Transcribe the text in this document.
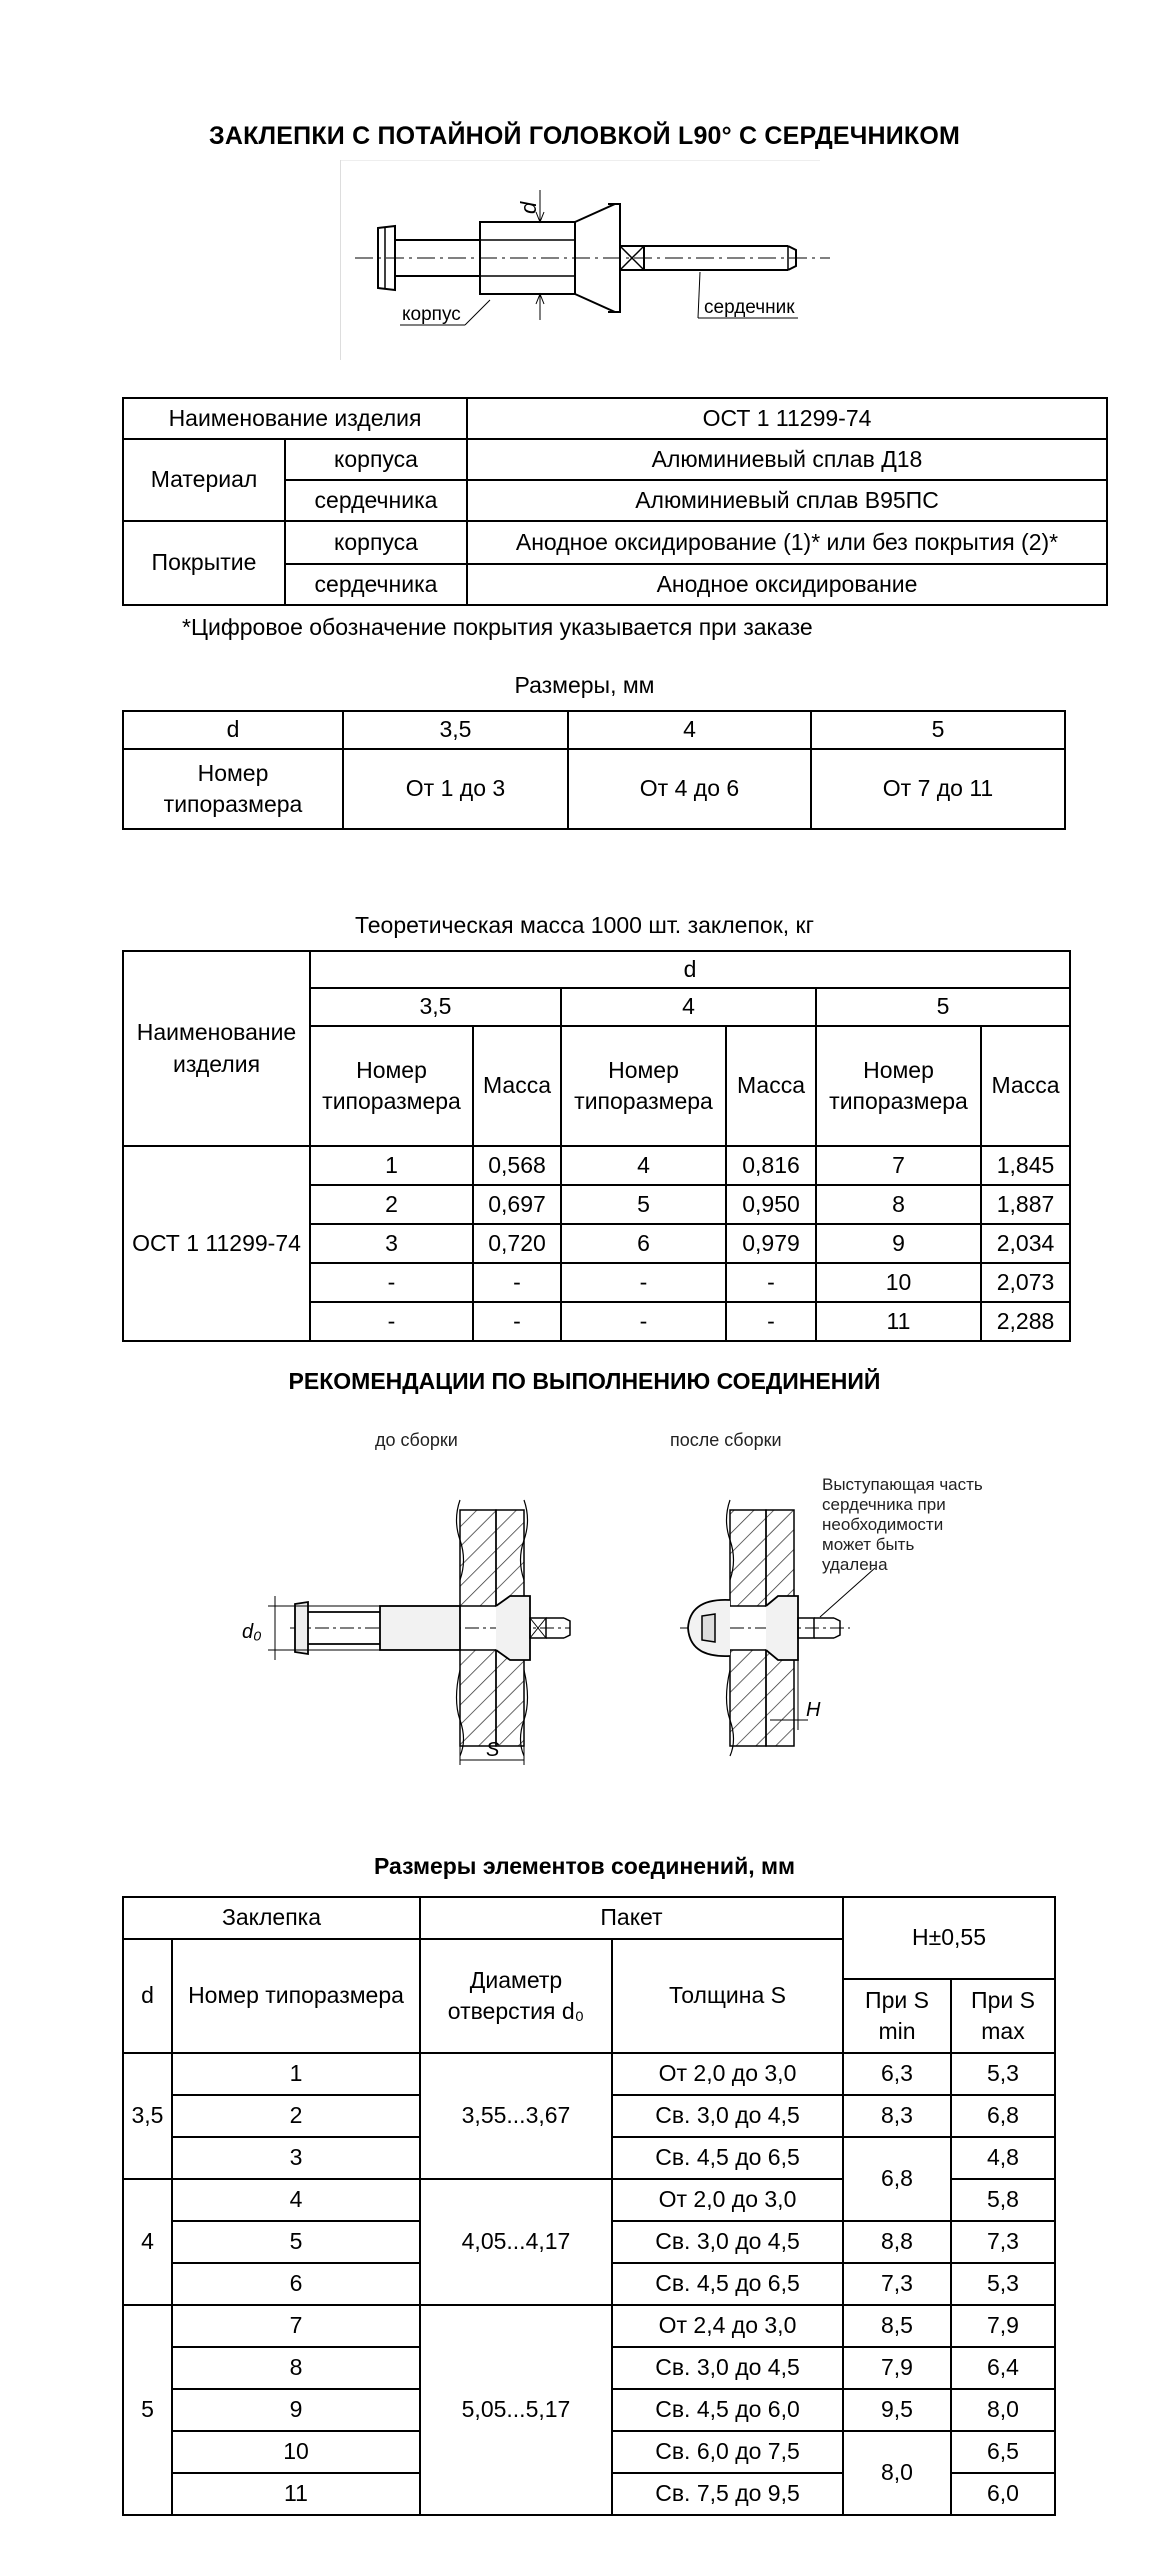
ЗАКЛЕПКИ С ПОТАЙНОЙ ГОЛОВКОЙ L90° С СЕРДЕЧНИКОМ
d
корпус	сердечник
Наименование изделия		ОСТ 1 11299-74
Материал	корпуса	Алюминиевый сплав Д18
	сердечника	Алюминиевый сплав В95ПС
Покрытие	корпуса	Анодное оксидирование (1)* или без покрытия (2)*
	сердечника	Анодное оксидирование
*Цифровое обозначение покрытия указывается при заказе
Размеры, мм
d	3,5	4	5
Номер типоразмера	От 1 до 3	От 4 до 6	От 7 до 11
Теоретическая масса 1000 шт. заклепок, кг
Наименование изделия	d					
	3,5		4		5	
	Номер типоразмера	Масса	Номер типоразмера	Масса	Номер типоразмера	Масса
ОСТ 1 11299-74	1	0,568	4	0,816	7	1,845
	2	0,697	5	0,950	8	1,887
	3	0,720	6	0,979	9	2,034
	-	-	-	-	10	2,073
	-	-	-	-	11	2,288
РЕКОМЕНДАЦИИ ПО ВЫПОЛНЕНИЮ СОЕДИНЕНИЙ
до сборки	после сборки
d₀
S
H
Выступающая часть сердечника при необходимости может быть удалена
Размеры элементов соединений, мм
Заклепка		Пакет		H±0,55	
d	Номер типоразмера	Диаметр отверстия d₀	Толщина S		
				При S min	При S max

3,5	1	3,55...3,67	От 2,0 до 3,0	6,3	5,3
	2		Св. 3,0 до 4,5	8,3	6,8
	3		Св. 4,5 до 6,5	6,8	4,8
4	4	4,05...4,17	От 2,0 до 3,0		5,8
	5		Св. 3,0 до 4,5	8,8	7,3
	6		Св. 4,5 до 6,5	7,3	5,3
5	7	5,05...5,17	От 2,4 до 3,0	8,5	7,9
	8		Св. 3,0 до 4,5	7,9	6,4
	9		Св. 4,5 до 6,0	9,5	8,0
	10		Св. 6,0 до 7,5	8,0	6,5
	11		Св. 7,5 до 9,5		6,0
